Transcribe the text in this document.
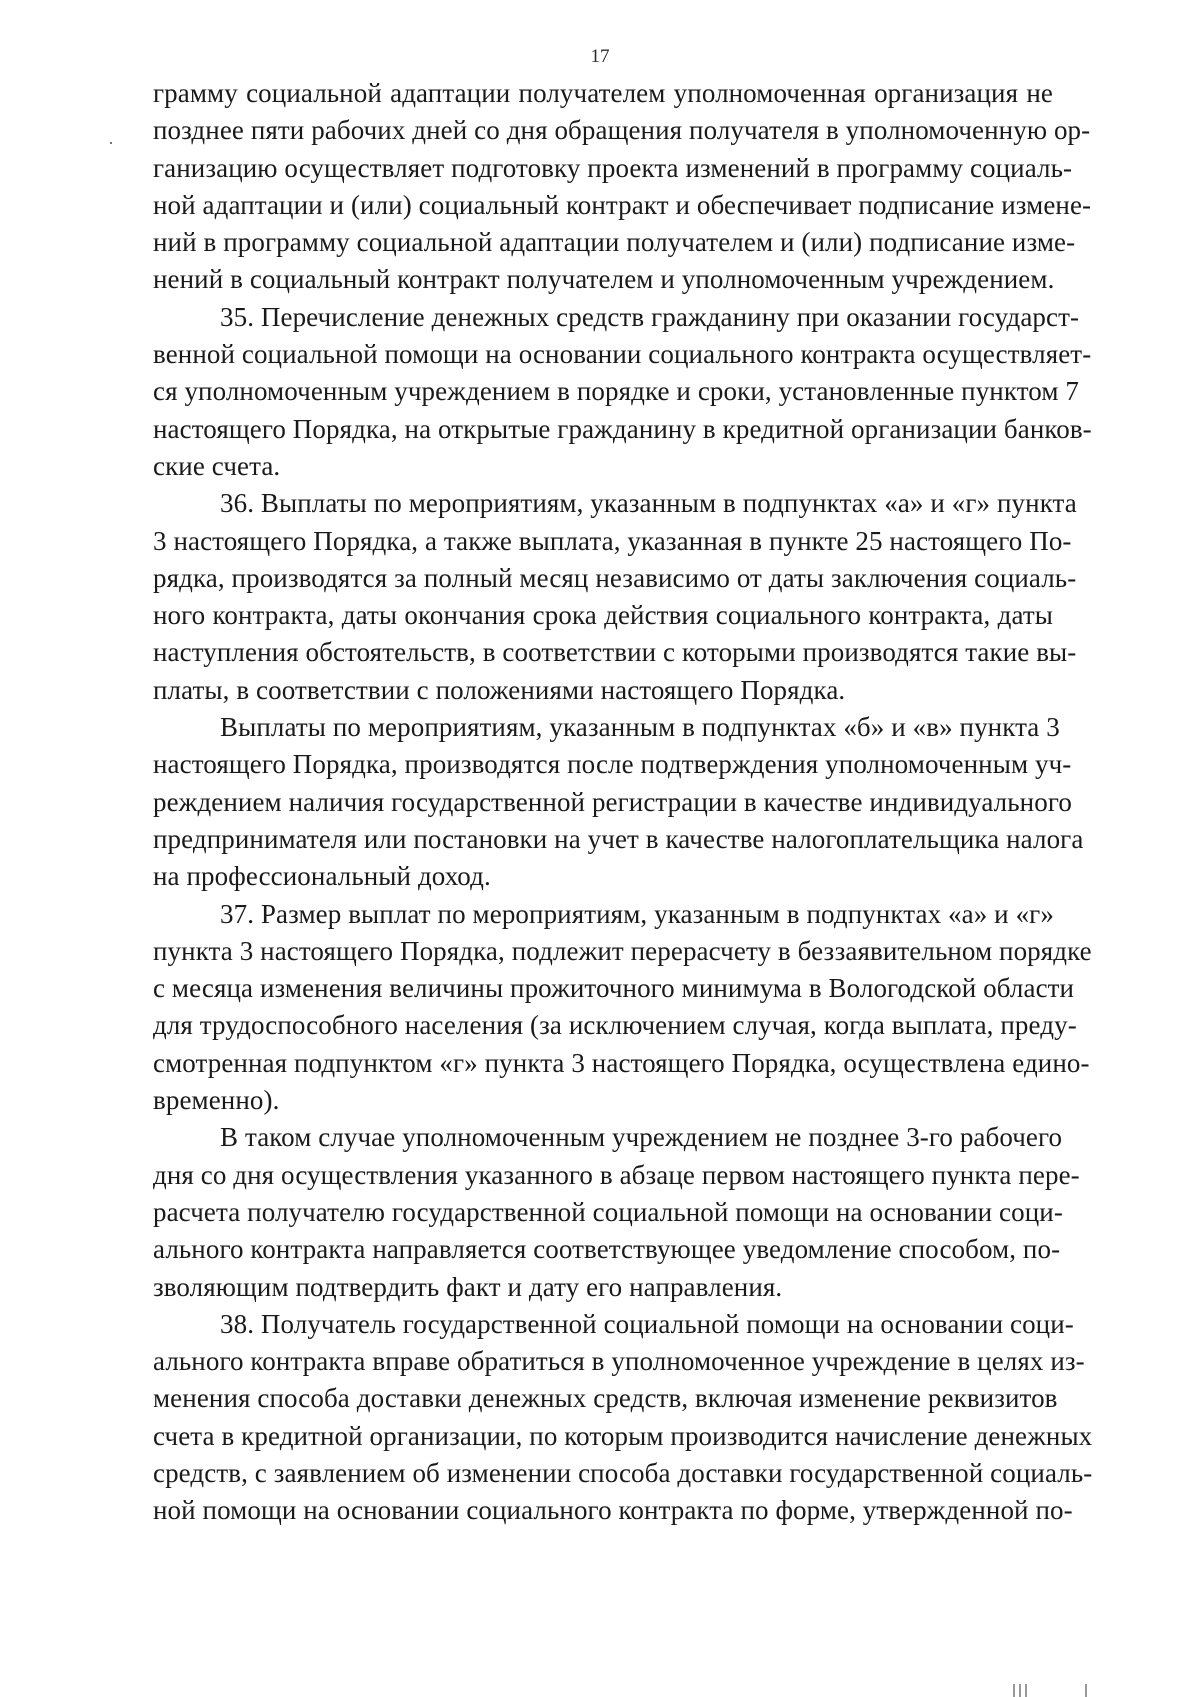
17

грамму социальной адаптации получателем уполномоченная организация не
позднее пяти рабочих дней со дня обращения получателя в уполномоченную ор-
ганизацию осуществляет подготовку проекта изменений в программу социаль-
ной адаптации и (или) социальный контракт и обеспечивает подписание измене-
ний в программу социальной адаптации получателем и (или) подписание изме-
нений в социальный контракт получателем и уполномоченным учреждением.

35. Перечисление денежных средств гражданину при оказании государст-
венной социальной помощи на основании социального контракта осуществляет-
ся уполномоченным учреждением в порядке и сроки, установленные пунктом 7
настоящего Порядка, на открытые гражданину в кредитной организации банков-
ские счета.

36. Выплаты по мероприятиям, указанным в подпунктах «а» и «г» пункта
3 настоящего Порядка, а также выплата, указанная в пункте 25 настоящего По-
рядка, производятся за полный месяц независимо от даты заключения социаль-
ного контракта, даты окончания срока действия социального контракта, даты
наступления обстоятельств, в соответствии с которыми производятся такие вы-
платы, в соответствии с положениями настоящего Порядка.

Выплаты по мероприятиям, указанным в подпунктах «б» и «в» пункта 3
настоящего Порядка, производятся после подтверждения уполномоченным уч-
реждением наличия государственной регистрации в качестве индивидуального
предпринимателя или постановки на учет в качестве налогоплательщика налога
на профессиональный доход.

37. Размер выплат по мероприятиям, указанным в подпунктах «а» и «г»
пункта 3 настоящего Порядка, подлежит перерасчету в беззаявительном порядке
с месяца изменения величины прожиточного минимума в Вологодской области
для трудоспособного населения (за исключением случая, когда выплата, преду-
смотренная подпунктом «г» пункта 3 настоящего Порядка, осуществлена едино-
временно).

В таком случае уполномоченным учреждением не позднее 3-го рабочего
дня со дня осуществления указанного в абзаце первом настоящего пункта пере-
расчета получателю государственной социальной помощи на основании соци-
ального контракта направляется соответствующее уведомление способом, по-
зволяющим подтвердить факт и дату его направления.

38. Получатель государственной социальной помощи на основании соци-
ального контракта вправе обратиться в уполномоченное учреждение в целях из-
менения способа доставки денежных средств, включая изменение реквизитов
счета в кредитной организации, по которым производится начисление денежных
средств, с заявлением об изменении способа доставки государственной социаль-
ной помощи на основании социального контракта по форме, утвержденной по-
